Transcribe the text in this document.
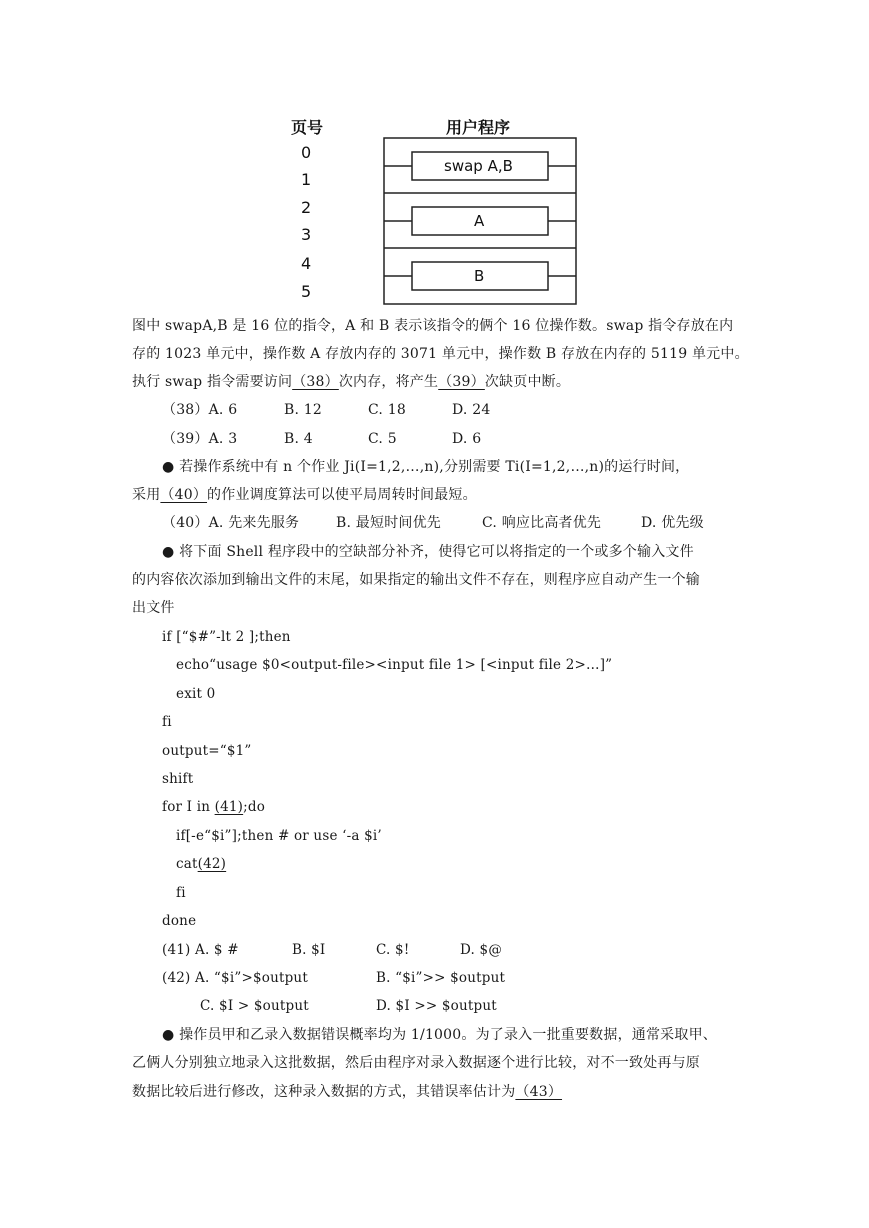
页号	用户程序
0
1
2
3
4
5
swap A,B
A
B
图中 swapA,B 是 16 位的指令，A 和 B 表示该指令的俩个 16 位操作数。swap 指令存放在内
存的 1023 单元中，操作数 A 存放内存的 3071 单元中，操作数 B 存放在内存的 5119 单元中。
执行 swap 指令需要访问（38）次内存，将产生（39）次缺页中断。
（38）A. 6	B. 12	C. 18	D. 24
（39）A. 3	B. 4	C. 5	D. 6
● 若操作系统中有 n 个作业 Ji(I=1,2,…,n),分别需要 Ti(I=1,2,…,n)的运行时间，
采用（40）的作业调度算法可以使平局周转时间最短。
（40）A. 先来先服务	B. 最短时间优先	C. 响应比高者优先	D. 优先级
● 将下面 Shell 程序段中的空缺部分补齐，使得它可以将指定的一个或多个输入文件
的内容依次添加到输出文件的末尾，如果指定的输出文件不存在，则程序应自动产生一个输
出文件
if [“$#”-lt 2 ];then
echo“usage $0<output-file><input file 1> [<input file 2>…]”
exit 0
fi
output=“$1”
shift
for I in (41);do
if[-e“$i”];then # or use ‘-a $i’
cat(42)
fi
done
(41) A. $ #	B. $I	C. $!	D. $@
(42) A. “$i”>$output	B. “$i”>> $output
C. $I > $output	D. $I >> $output
● 操作员甲和乙录入数据错误概率均为 1/1000。为了录入一批重要数据，通常采取甲、
乙俩人分别独立地录入这批数据，然后由程序对录入数据逐个进行比较，对不一致处再与原
数据比较后进行修改，这种录入数据的方式，其错误率估计为（43）
